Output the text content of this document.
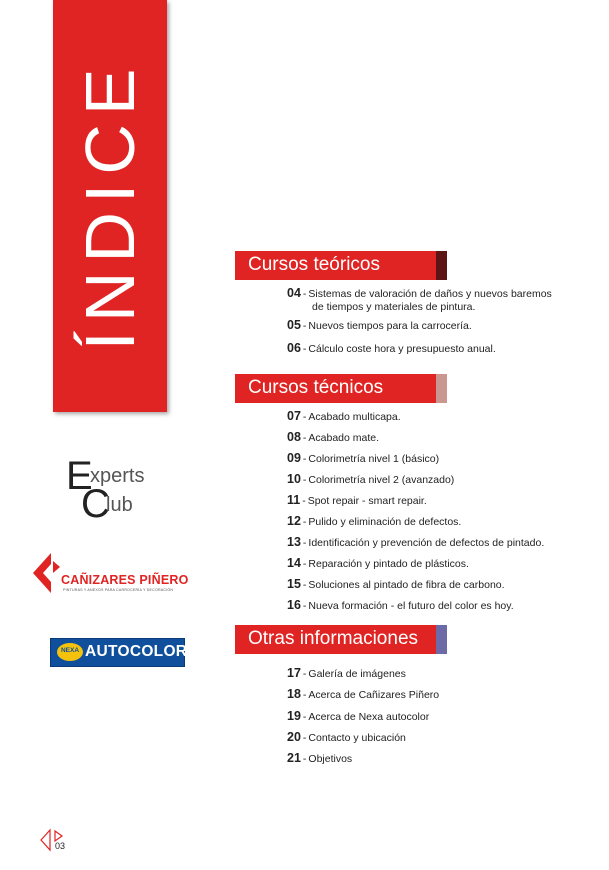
ÍNDICE	Cursos teóricos
04 - Sistemas de valoración de daños y nuevos baremos
de tiempos y materiales de pintura.
05 - Nuevos tiempos para la carrocería.
06 - Cálculo coste hora y presupuesto anual.
Cursos técnicos
07 - Acabado multicapa.
08 - Acabado mate.
09 - Colorimetría nivel 1 (básico)
10 - Colorimetría nivel 2 (avanzado)
11 - Spot repair - smart repair.
12 - Pulido y eliminación de defectos.
13 - Identificación y prevención de defectos de pintado.
14 - Reparación y pintado de plásticos.
15 - Soluciones al pintado de fibra de carbono.
16 - Nueva formación - el futuro del color es hoy.
Otras informaciones
17 - Galería de imágenes
18 - Acerca de Cañizares Piñero
19 - Acerca de Nexa autocolor
20 - Contacto y ubicación
21 - Objetivos
E
xperts
C
lub
CAÑIZARES PIÑERO
PINTURAS Y ANEXOS PARA CARROCERÍA Y DECORACIÓN
NEXA AUTOCOLOR
03
